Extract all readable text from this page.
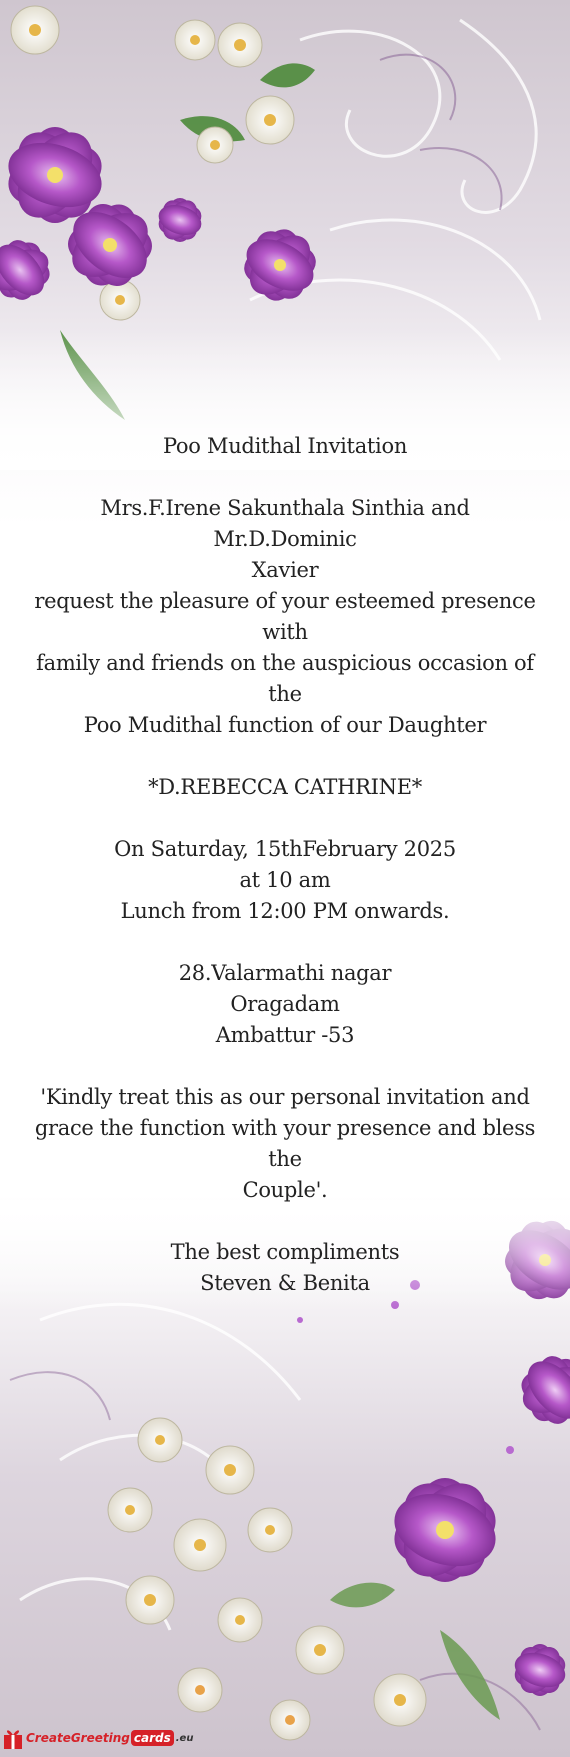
Poo Mudithal Invitation
Mrs.F.Irene Sakunthala Sinthia and Mr.D.Dominic
Xavier
request the pleasure of your esteemed presence with
family and friends on the auspicious occasion of the
Poo Mudithal function of our Daughter
*D.REBECCA CATHRINE*
On Saturday, 15thFebruary 2025
at 10 am
Lunch from 12:00 PM onwards.
28.Valarmathi nagar
Oragadam
Ambattur -53
'Kindly treat this as our personal invitation and
grace the function with your presence and bless the
Couple'.
The best compliments
Steven & Benita
CreateGreeting cards .eu
